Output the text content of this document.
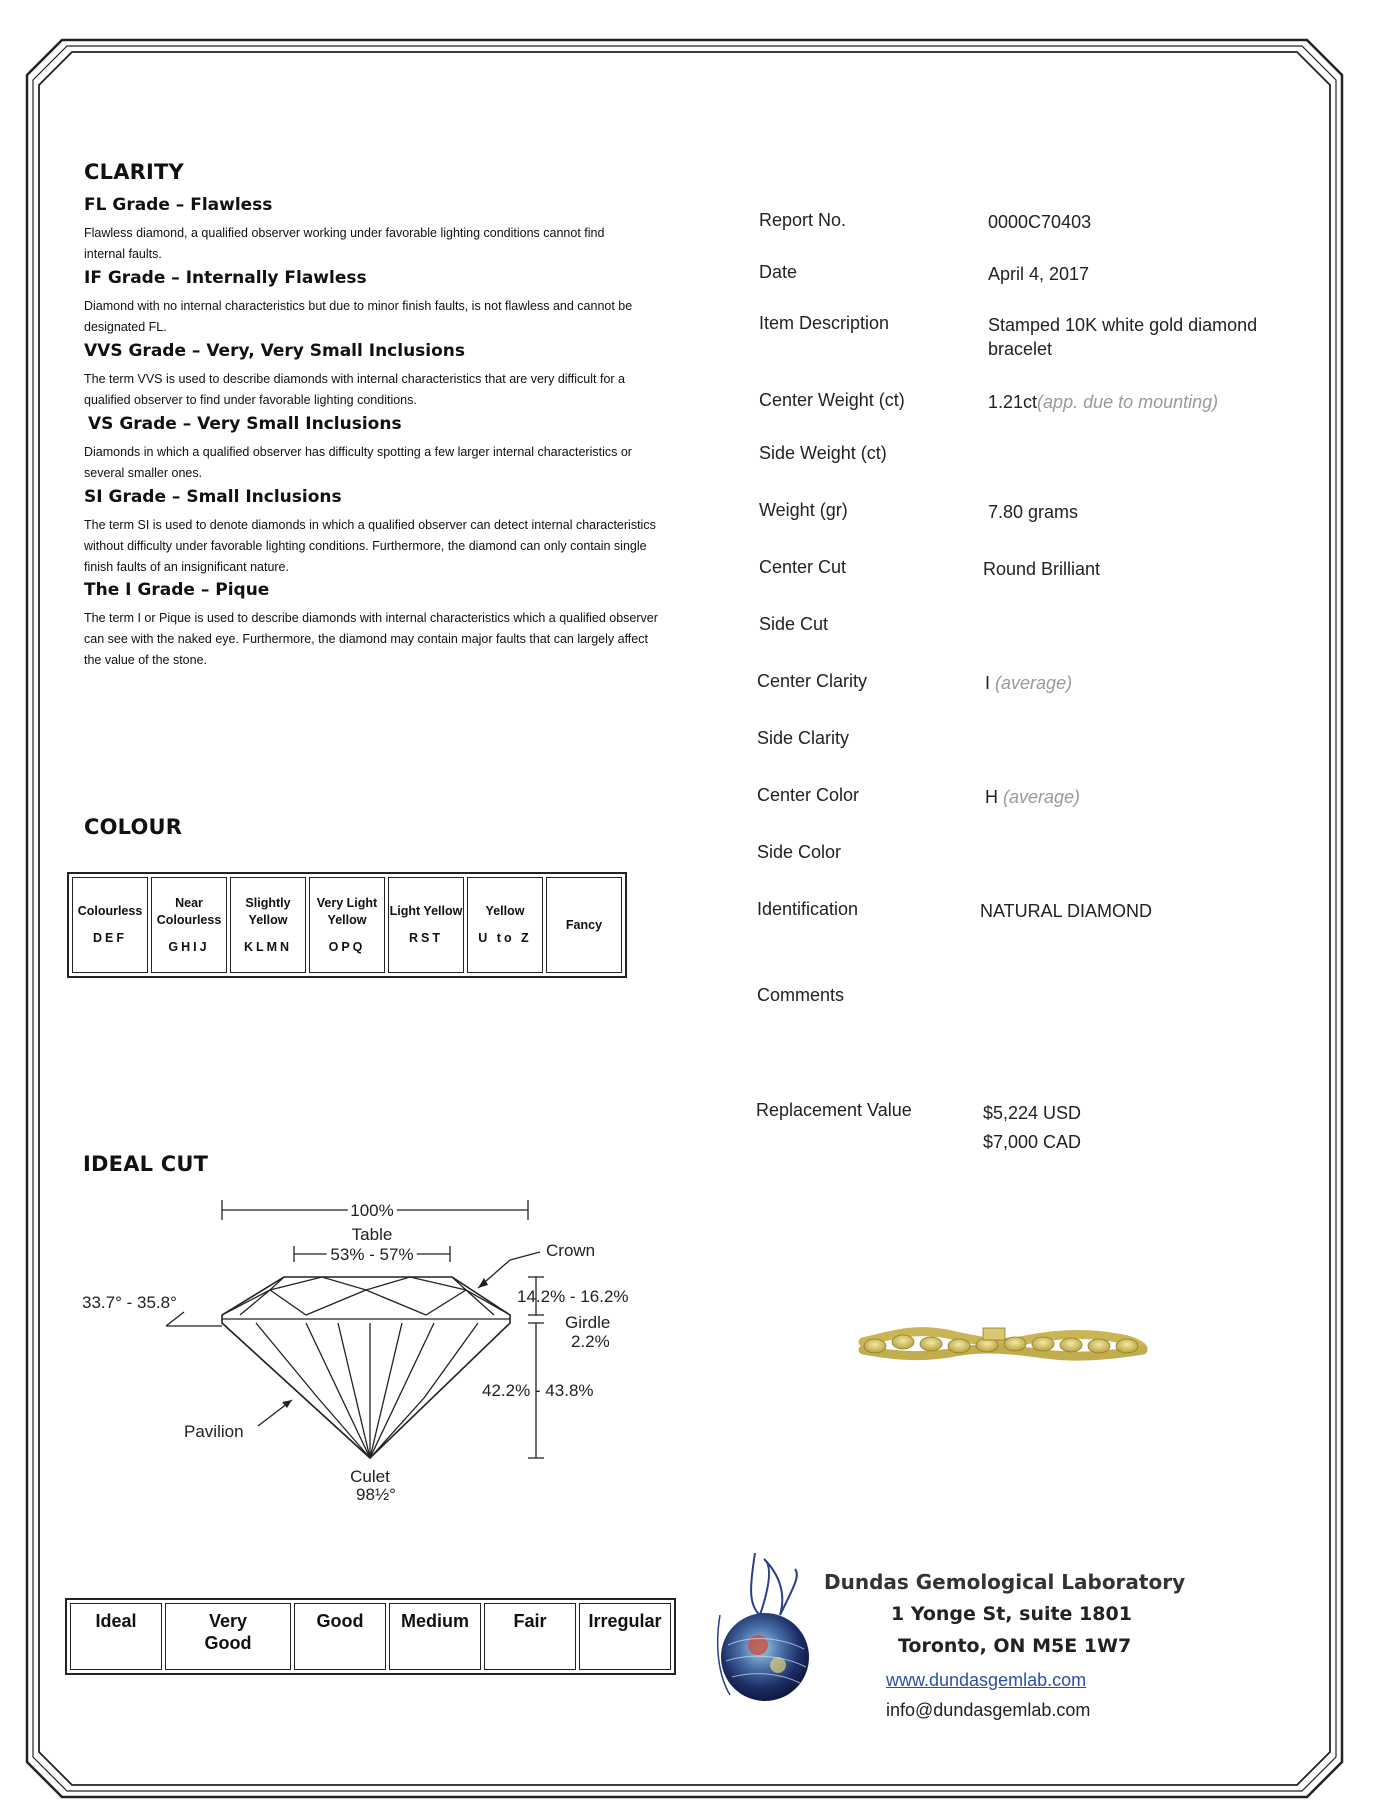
CLARITY
FL Grade – Flawless
Flawless diamond, a qualified observer working under favorable lighting conditions cannot find internal faults.
IF Grade – Internally Flawless
Diamond with no internal characteristics but due to minor finish faults, is not flawless and cannot be designated FL.
VVS Grade – Very, Very Small Inclusions
The term VVS is used to describe diamonds with internal characteristics that are very difficult for a qualified observer to find under favorable lighting conditions.
VS Grade – Very Small Inclusions
Diamonds in which a qualified observer has difficulty spotting a few larger internal characteristics or several smaller ones.
SI Grade – Small Inclusions
The term SI is used to denote diamonds in which a qualified observer can detect internal characteristics without difficulty under favorable lighting conditions. Furthermore, the diamond can only contain single finish faults of an insignificant nature.
The I Grade – Pique
The term I or Pique is used to describe diamonds with internal characteristics which a qualified observer can see with the naked eye. Furthermore, the diamond may contain major faults that can largely affect the value of the stone.
COLOUR
Colourless
DEF
	Near Colourless
GHIJ
	Slightly Yellow
KLMN
	Very Light Yellow
OPQ
	Light Yellow
RST
	Yellow
U to Z
	Fancy
IDEAL CUT
100%
Table
53% - 57%	Crown
33.7° - 35.8°	14.2% - 16.2%
Girdle
2.2%
42.2% - 43.8%
Pavilion
Culet
98½°
Ideal	Very Good	Good	Medium	Fair	Irregular
Report No.	0000C70403
Date	April 4, 2017
Item Description	Stamped 10K white gold diamond bracelet
Center Weight (ct)	1.21ct(app. due to mounting)
Side Weight (ct)
Weight (gr)	7.80 grams
Center Cut	Round Brilliant
Side Cut
Center Clarity	I (average)
Side Clarity
Center Color	H (average)
Side Color
Identification	NATURAL DIAMOND
Comments
Replacement Value	$5,224 USD
$7,000 CAD
Dundas Gemological Laboratory
1 Yonge St, suite 1801
Toronto, ON M5E 1W7
www.dundasgemlab.com
info@dundasgemlab.com
